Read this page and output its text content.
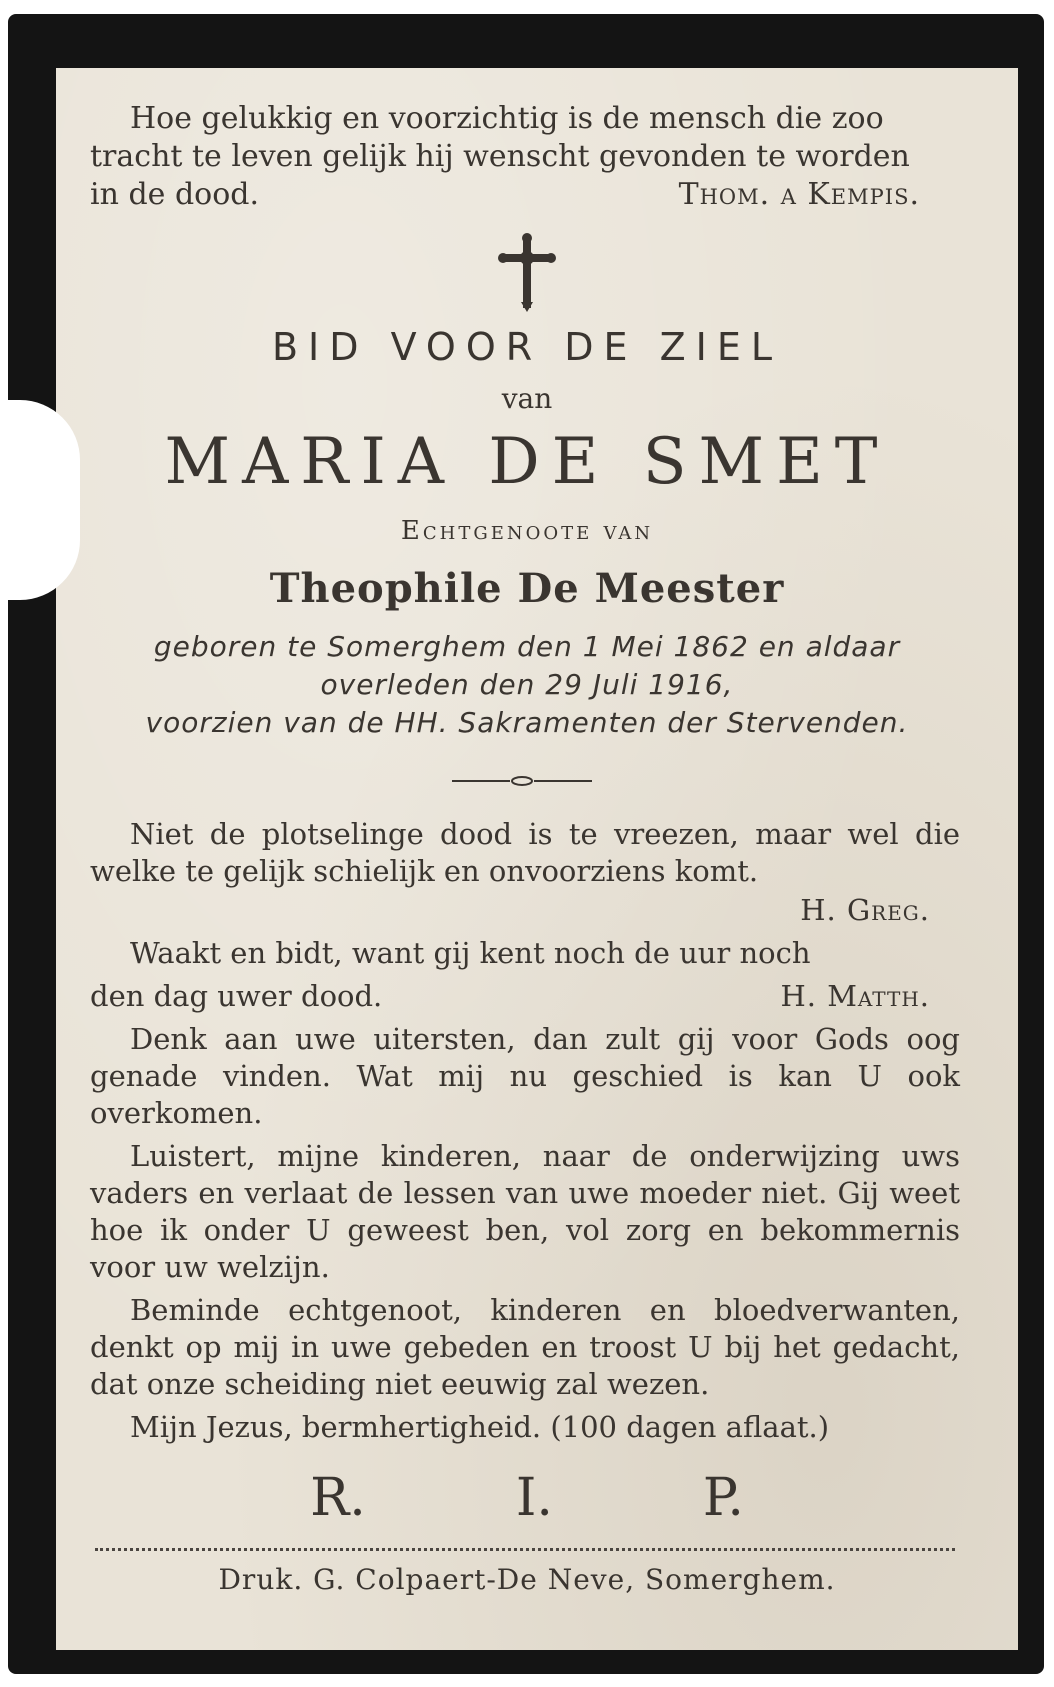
Hoe gelukkig en voorzichtig is de mensch die zoo

tracht te leven gelijk hij wenscht gevonden te worden

in de dood.	Thom. a Kempis.
BID VOOR DE ZIEL
van
MARIA DE SMET
Echtgenoote van
Theophile De Meester
geboren te Somerghem den 1 Mei 1862 en aldaar
overleden den 29 Juli 1916,
voorzien van de HH. Sakramenten der Stervenden.

Niet de plotselinge dood is te vreezen, maar wel die welke te gelijk schielijk en onvoorziens komt.

H. Greg.

Waakt en bidt, want gij kent noch de uur noch

den dag uwer dood.	H. Matth.

Denk aan uwe uitersten, dan zult gij voor Gods oog genade vinden. Wat mij nu geschied is kan U ook overkomen.

Luistert, mijne kinderen, naar de onderwijzing uws vaders en verlaat de lessen van uwe moeder niet. Gij weet hoe ik onder U geweest ben, vol zorg en bekommernis voor uw welzijn.

Beminde echtgenoot, kinderen en bloedverwanten, denkt op mij in uwe gebeden en troost U bij het gedacht, dat onze scheiding niet eeuwig zal wezen.

Mijn Jezus, bermhertigheid. (100 dagen aflaat.)

R.	I.	P.
Druk. G. Colpaert-De Neve, Somerghem.
